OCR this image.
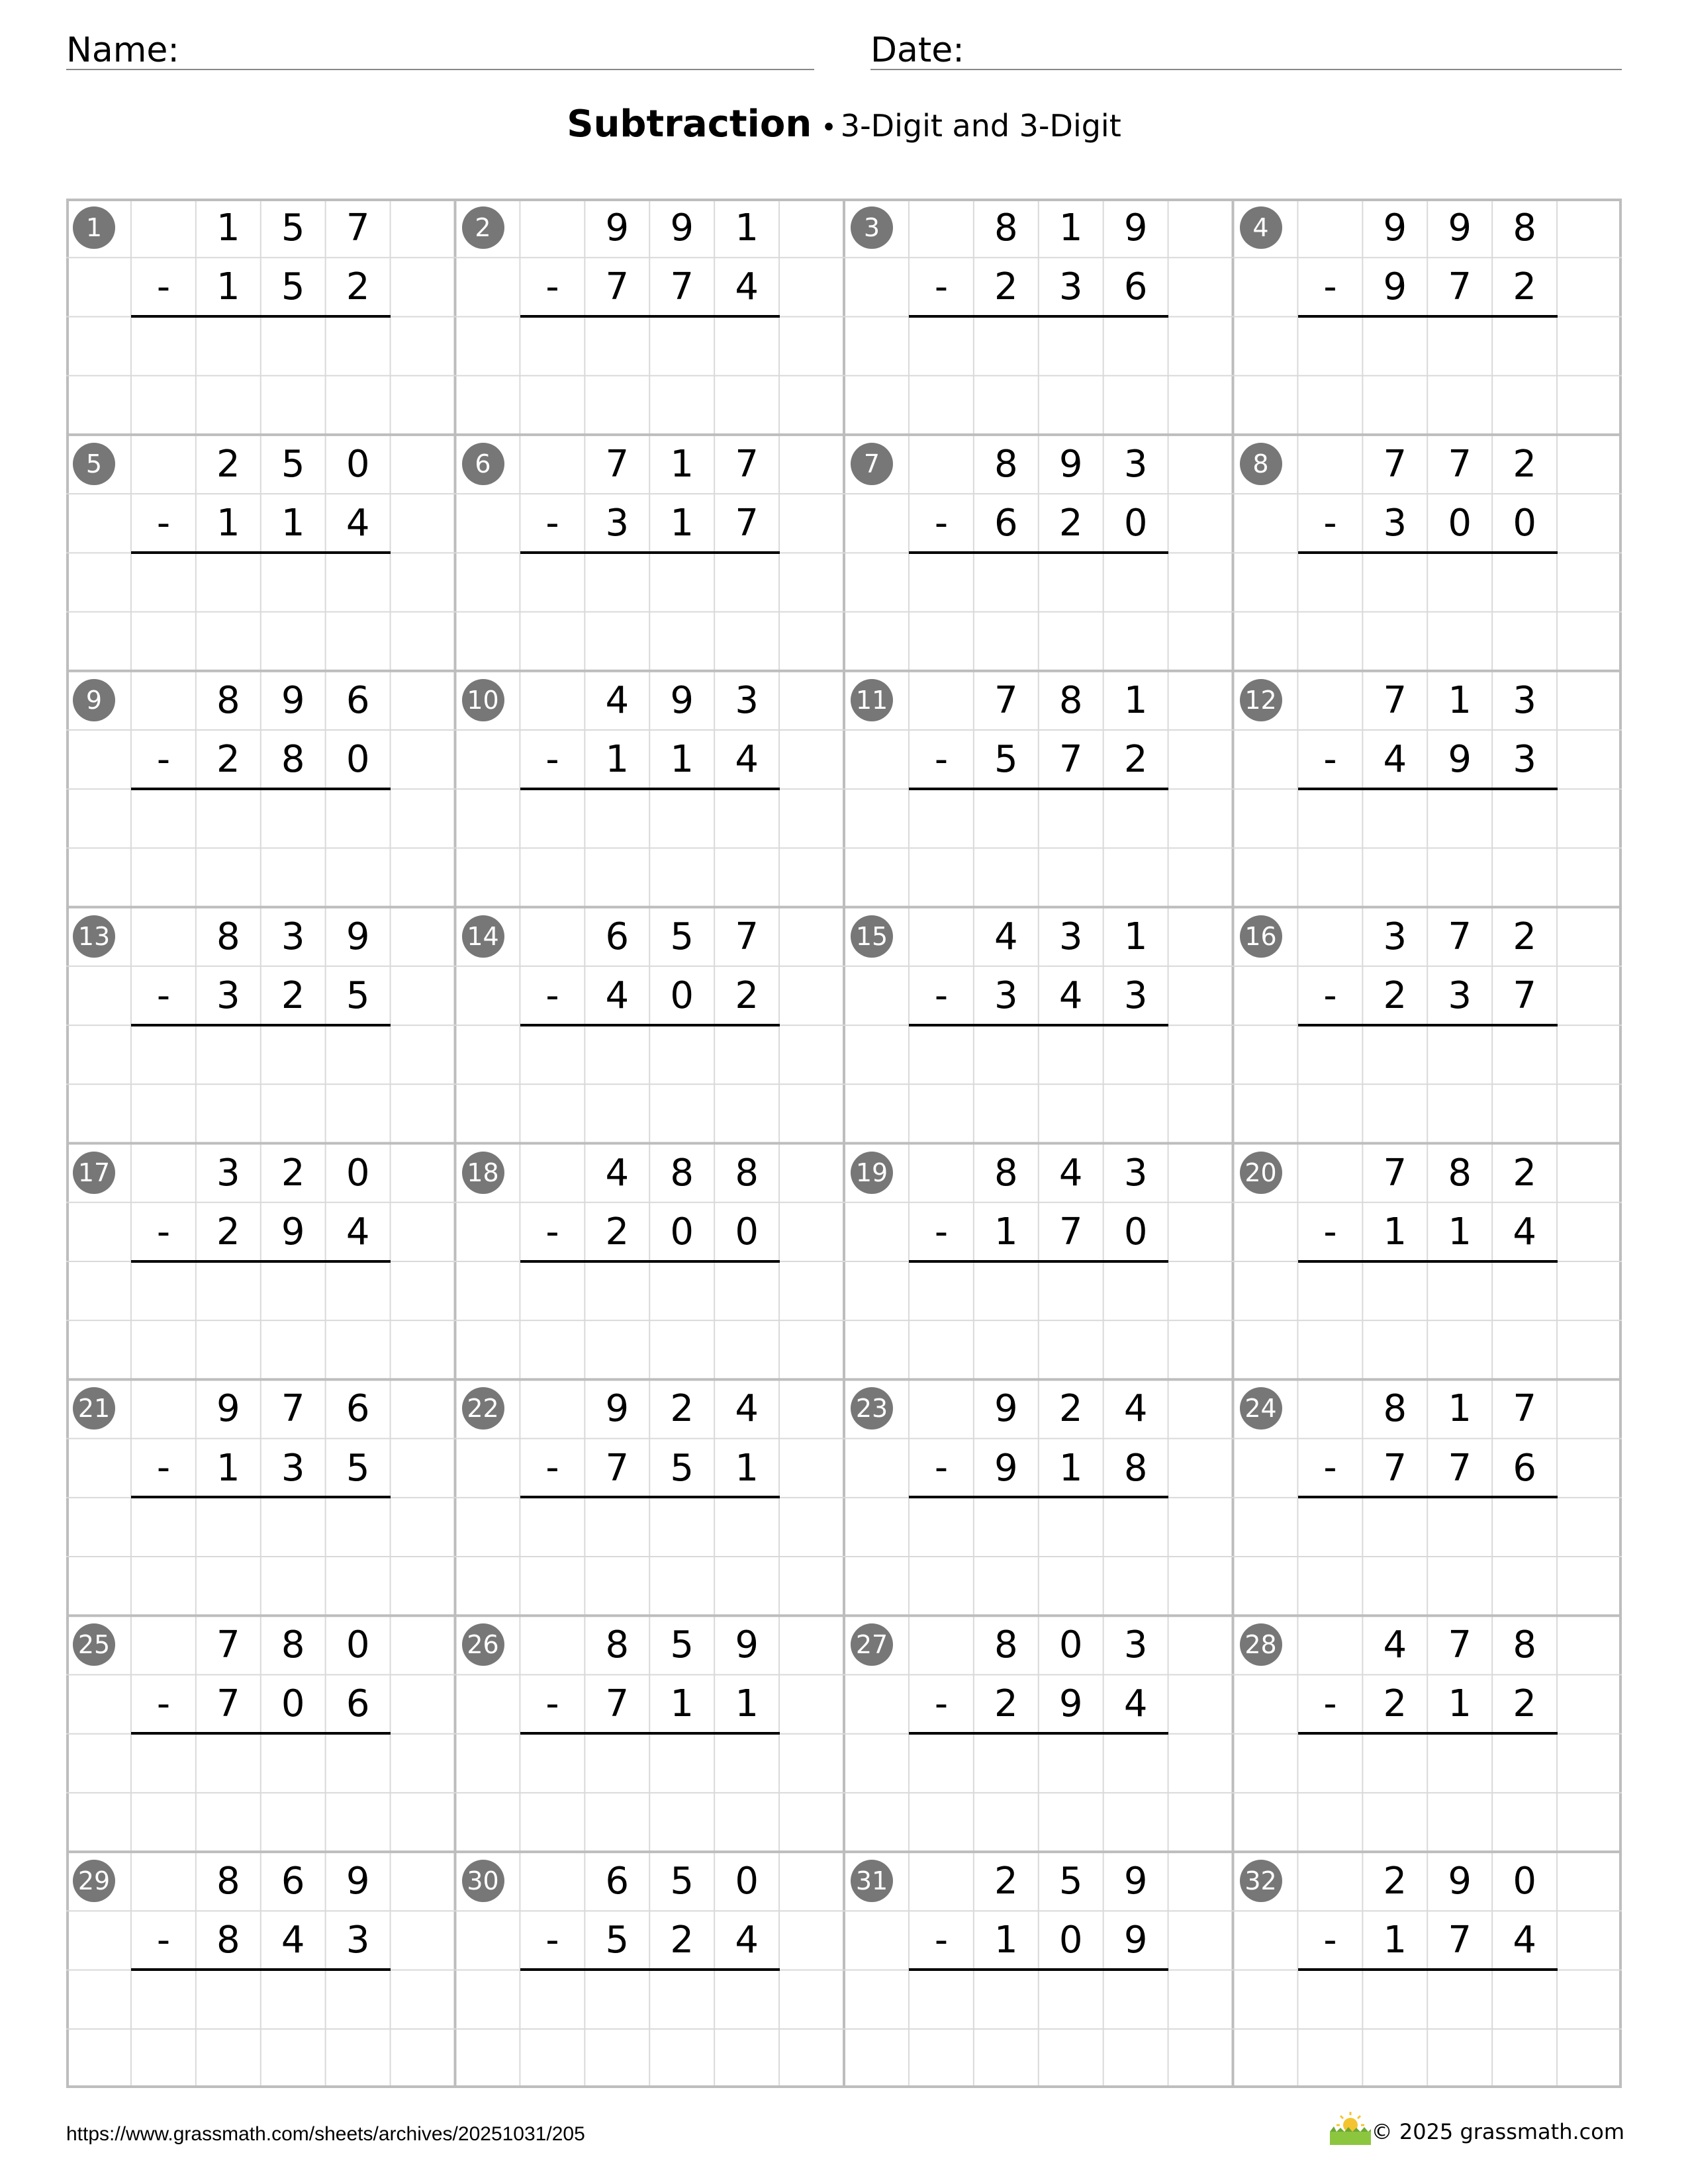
Name:	Date:
Subtraction • 3-Digit and 3-Digit
1	1	5	7
-	1	5	2
2	9	9	1
-	7	7	4
3	8	1	9
-	2	3	6
4	9	9	8
-	9	7	2
5	2	5	0
-	1	1	4
6	7	1	7
-	3	1	7
7	8	9	3
-	6	2	0
8	7	7	2
-	3	0	0
9	8	9	6
-	2	8	0
10	4	9	3
-	1	1	4
11	7	8	1
-	5	7	2
12	7	1	3
-	4	9	3
13	8	3	9
-	3	2	5
14	6	5	7
-	4	0	2
15	4	3	1
-	3	4	3
16	3	7	2
-	2	3	7
17	3	2	0
-	2	9	4
18	4	8	8
-	2	0	0
19	8	4	3
-	1	7	0
20	7	8	2
-	1	1	4
21	9	7	6
-	1	3	5
22	9	2	4
-	7	5	1
23	9	2	4
-	9	1	8
24	8	1	7
-	7	7	6
25	7	8	0
-	7	0	6
26	8	5	9
-	7	1	1
27	8	0	3
-	2	9	4
28	4	7	8
-	2	1	2
29	8	6	9
-	8	4	3
30	6	5	0
-	5	2	4
31	2	5	9
-	1	0	9
32	2	9	0
-	1	7	4
https://www.grassmath.com/sheets/archives/20251031/205	© 2025 grassmath.com
